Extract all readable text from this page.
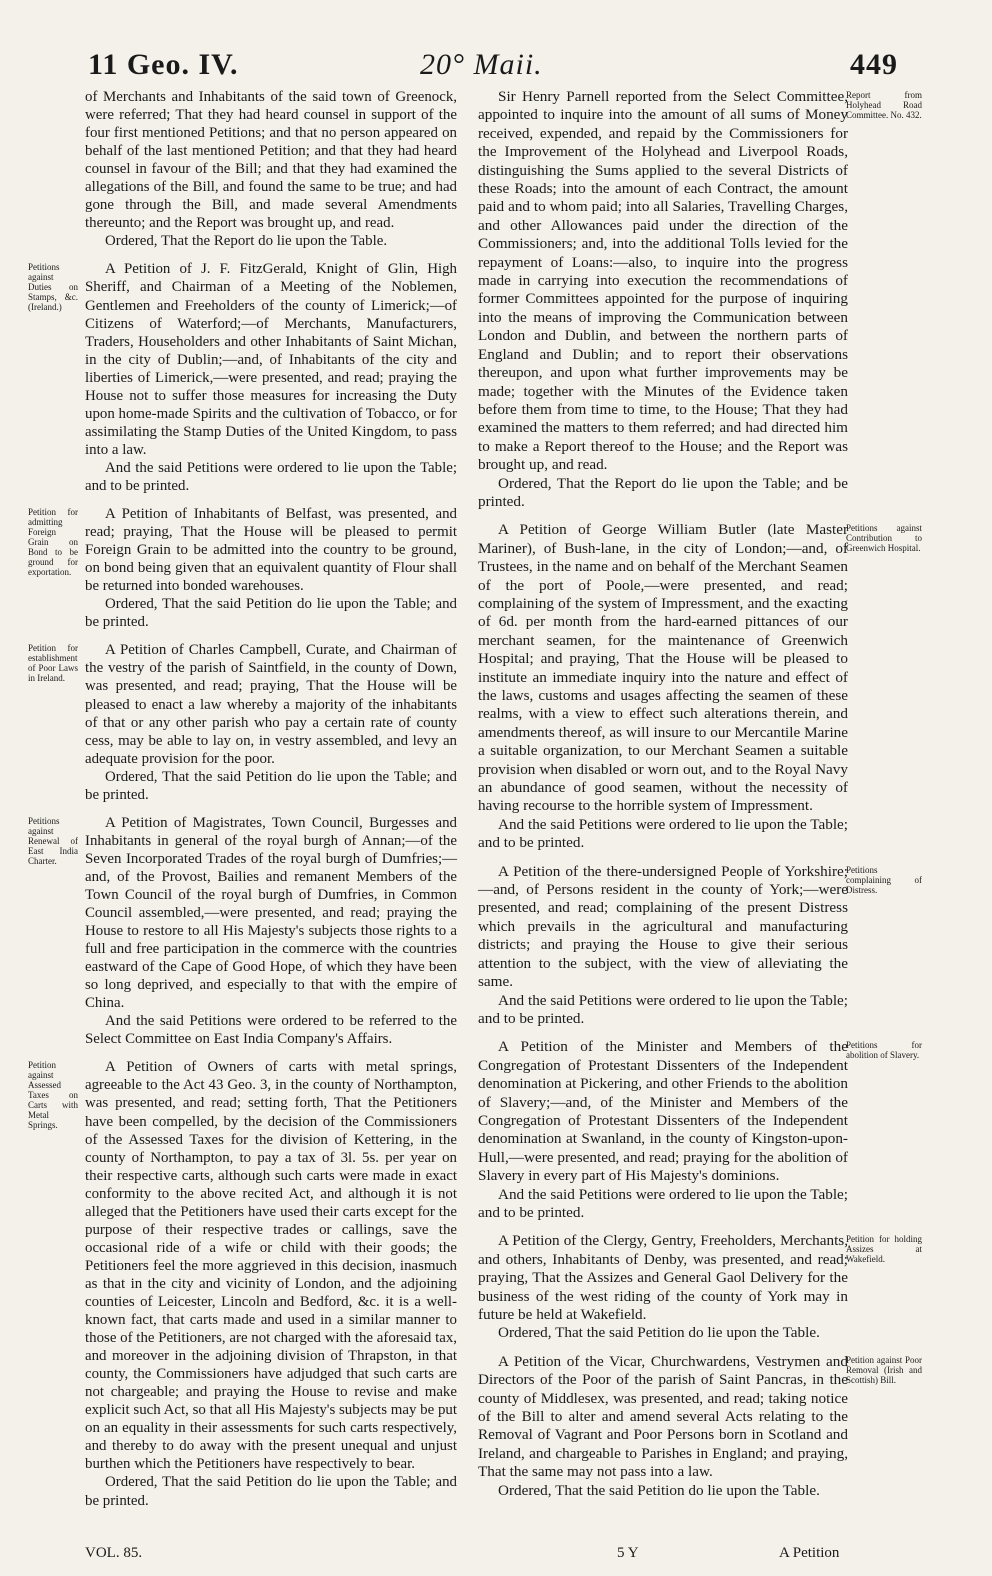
11 Geo. IV.	20° Maii.	449

of Merchants and Inhabitants of the said town of Greenock, were referred; That they had heard counsel in support of the four first mentioned Petitions; and that no person appeared on behalf of the last mentioned Petition; and that they had heard counsel in favour of the Bill; and that they had examined the allegations of the Bill, and found the same to be true; and had gone through the Bill, and made several Amendments thereunto; and the Report was brought up, and read.

Ordered, That the Report do lie upon the Table.

Petitions against Duties on Stamps, &c. (Ireland.)

A Petition of J. F. FitzGerald, Knight of Glin, High Sheriff, and Chairman of a Meeting of the Noblemen, Gentlemen and Freeholders of the county of Limerick;—of Citizens of Waterford;—of Merchants, Manufacturers, Traders, Householders and other Inhabitants of Saint Michan, in the city of Dublin;—and, of Inhabitants of the city and liberties of Limerick,—were presented, and read; praying the House not to suffer those measures for increasing the Duty upon home-made Spirits and the cultivation of Tobacco, or for assimilating the Stamp Duties of the United Kingdom, to pass into a law.

And the said Petitions were ordered to lie upon the Table; and to be printed.

Petition for admitting Foreign Grain on Bond to be ground for exportation.

A Petition of Inhabitants of Belfast, was presented, and read; praying, That the House will be pleased to permit Foreign Grain to be admitted into the country to be ground, on bond being given that an equivalent quantity of Flour shall be returned into bonded warehouses.

Ordered, That the said Petition do lie upon the Table; and be printed.

Petition for establishment of Poor Laws in Ireland.

A Petition of Charles Campbell, Curate, and Chairman of the vestry of the parish of Saintfield, in the county of Down, was presented, and read; praying, That the House will be pleased to enact a law whereby a majority of the inhabitants of that or any other parish who pay a certain rate of county cess, may be able to lay on, in vestry assembled, and levy an adequate provision for the poor.

Ordered, That the said Petition do lie upon the Table; and be printed.

Petitions against Renewal of East India Charter.

A Petition of Magistrates, Town Council, Burgesses and Inhabitants in general of the royal burgh of Annan;—of the Seven Incorporated Trades of the royal burgh of Dumfries;—and, of the Provost, Bailies and remanent Members of the Town Council of the royal burgh of Dumfries, in Common Council assembled,—were presented, and read; praying the House to restore to all His Majesty's subjects those rights to a full and free participation in the commerce with the countries eastward of the Cape of Good Hope, of which they have been so long deprived, and especially to that with the empire of China.

And the said Petitions were ordered to be referred to the Select Committee on East India Company's Affairs.

Petition against Assessed Taxes on Carts with Metal Springs.

A Petition of Owners of carts with metal springs, agreeable to the Act 43 Geo. 3, in the county of Northampton, was presented, and read; setting forth, That the Petitioners have been compelled, by the decision of the Commissioners of the Assessed Taxes for the division of Kettering, in the county of Northampton, to pay a tax of 3l. 5s. per year on their respective carts, although such carts were made in exact conformity to the above recited Act, and although it is not alleged that the Petitioners have used their carts except for the purpose of their respective trades or callings, save the occasional ride of a wife or child with their goods; the Petitioners feel the more aggrieved in this decision, inasmuch as that in the city and vicinity of London, and the adjoining counties of Leicester, Lincoln and Bedford, &c. it is a well-known fact, that carts made and used in a similar manner to those of the Petitioners, are not charged with the aforesaid tax, and moreover in the adjoining division of Thrapston, in that county, the Commissioners have adjudged that such carts are not chargeable; and praying the House to revise and make explicit such Act, so that all His Majesty's subjects may be put on an equality in their assessments for such carts respectively, and thereby to do away with the present unequal and unjust burthen which the Petitioners have respectively to bear.

Ordered, That the said Petition do lie upon the Table; and be printed.

Report from Holyhead Road Committee. No. 432.

Sir Henry Parnell reported from the Select Committee, appointed to inquire into the amount of all sums of Money received, expended, and repaid by the Commissioners for the Improvement of the Holyhead and Liverpool Roads, distinguishing the Sums applied to the several Districts of these Roads; into the amount of each Contract, the amount paid and to whom paid; into all Salaries, Travelling Charges, and other Allowances paid under the direction of the Commissioners; and, into the additional Tolls levied for the repayment of Loans:—also, to inquire into the progress made in carrying into execution the recommendations of former Committees appointed for the purpose of inquiring into the means of improving the Communication between London and Dublin, and between the northern parts of England and Dublin; and to report their observations thereupon, and upon what further improvements may be made; together with the Minutes of the Evidence taken before them from time to time, to the House; That they had examined the matters to them referred; and had directed him to make a Report thereof to the House; and the Report was brought up, and read.

Ordered, That the Report do lie upon the Table; and be printed.

Petitions against Contribution to Greenwich Hospital.

A Petition of George William Butler (late Master Mariner), of Bush-lane, in the city of London;—and, of Trustees, in the name and on behalf of the Merchant Seamen of the port of Poole,—were presented, and read; complaining of the system of Impressment, and the exacting of 6d. per month from the hard-earned pittances of our merchant seamen, for the maintenance of Greenwich Hospital; and praying, That the House will be pleased to institute an immediate inquiry into the nature and effect of the laws, customs and usages affecting the seamen of these realms, with a view to effect such alterations therein, and amendments thereof, as will insure to our Mercantile Marine a suitable organization, to our Merchant Seamen a suitable provision when disabled or worn out, and to the Royal Navy an abundance of good seamen, without the necessity of having recourse to the horrible system of Impressment.

And the said Petitions were ordered to lie upon the Table; and to be printed.

Petitions complaining of Distress.

A Petition of the there-undersigned People of Yorkshire;—and, of Persons resident in the county of York;—were presented, and read; complaining of the present Distress which prevails in the agricultural and manufacturing districts; and praying the House to give their serious attention to the subject, with the view of alleviating the same.

And the said Petitions were ordered to lie upon the Table; and to be printed.

Petitions for abolition of Slavery.

A Petition of the Minister and Members of the Congregation of Protestant Dissenters of the Independent denomination at Pickering, and other Friends to the abolition of Slavery;—and, of the Minister and Members of the Congregation of Protestant Dissenters of the Independent denomination at Swanland, in the county of Kingston-upon-Hull,—were presented, and read; praying for the abolition of Slavery in every part of His Majesty's dominions.

And the said Petitions were ordered to lie upon the Table; and to be printed.

Petition for holding Assizes at Wakefield.

A Petition of the Clergy, Gentry, Freeholders, Merchants, and others, Inhabitants of Denby, was presented, and read; praying, That the Assizes and General Gaol Delivery for the business of the west riding of the county of York may in future be held at Wakefield.

Ordered, That the said Petition do lie upon the Table.

Petition against Poor Removal (Irish and Scottish) Bill.

A Petition of the Vicar, Churchwardens, Vestrymen and Directors of the Poor of the parish of Saint Pancras, in the county of Middlesex, was presented, and read; taking notice of the Bill to alter and amend several Acts relating to the Removal of Vagrant and Poor Persons born in Scotland and Ireland, and chargeable to Parishes in England; and praying, That the same may not pass into a law.

Ordered, That the said Petition do lie upon the Table.

VOL. 85.	5 Y	A Petition
